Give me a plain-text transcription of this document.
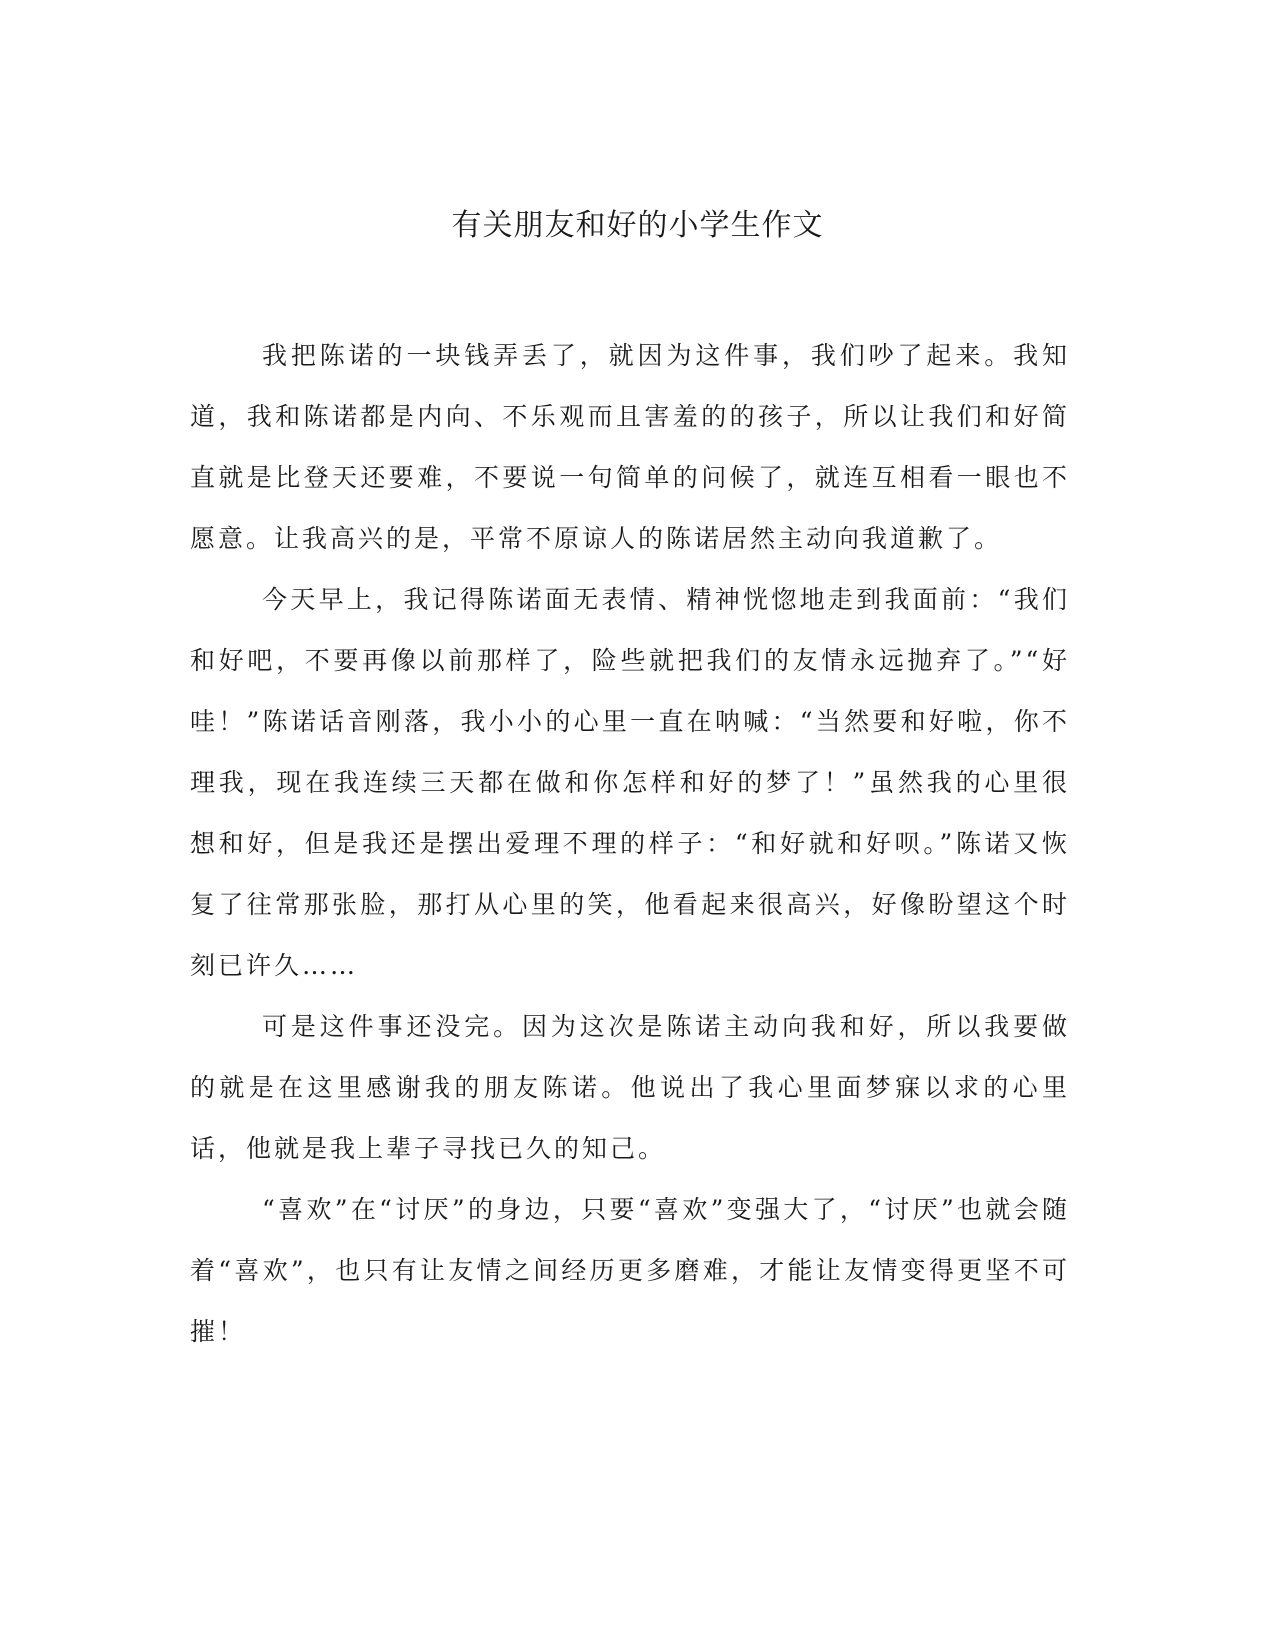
有关朋友和好的小学生作文

我把陈诺的一块钱弄丢了，就因为这件事，我们吵了起来。我知道，我和陈诺都是内向、不乐观而且害羞的的孩子，所以让我们和好简直就是比登天还要难，不要说一句简单的问候了，就连互相看一眼也不愿意。让我高兴的是，平常不原谅人的陈诺居然主动向我道歉了。

今天早上，我记得陈诺面无表情、精神恍惚地走到我面前：“我们和好吧，不要再像以前那样了，险些就把我们的友情永远抛弃了。”“好哇！”陈诺话音刚落，我小小的心里一直在呐喊：“当然要和好啦，你不理我，现在我连续三天都在做和你怎样和好的梦了！”虽然我的心里很想和好，但是我还是摆出爱理不理的样子：“和好就和好呗。”陈诺又恢复了往常那张脸，那打从心里的笑，他看起来很高兴，好像盼望这个时刻已许久……

可是这件事还没完。因为这次是陈诺主动向我和好，所以我要做的就是在这里感谢我的朋友陈诺。他说出了我心里面梦寐以求的心里话，他就是我上辈子寻找已久的知己。

“喜欢”在“讨厌”的身边，只要“喜欢”变强大了，“讨厌”也就会随着“喜欢”，也只有让友情之间经历更多磨难，才能让友情变得更坚不可摧！
